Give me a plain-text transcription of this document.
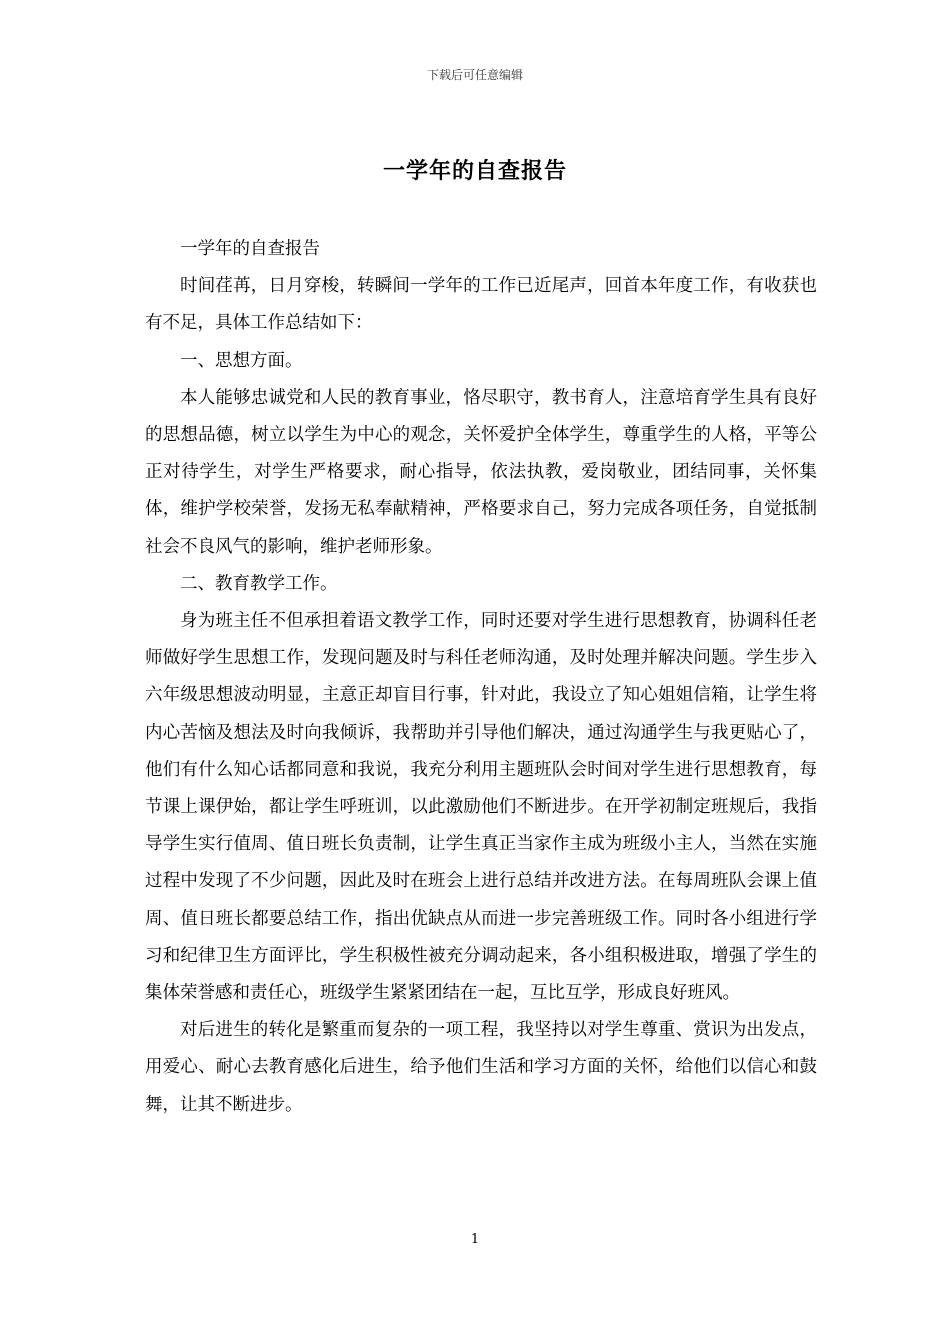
下载后可任意编辑
一学年的自查报告

一学年的自查报告

时间荏苒，日月穿梭，转瞬间一学年的工作已近尾声，回首本年度工作，有收获也有不足，具体工作总结如下：

一、思想方面。

本人能够忠诚党和人民的教育事业，恪尽职守，教书育人，注意培育学生具有良好的思想品德，树立以学生为中心的观念，关怀爱护全体学生，尊重学生的人格，平等公正对待学生，对学生严格要求，耐心指导，依法执教，爱岗敬业，团结同事，关怀集体，维护学校荣誉，发扬无私奉献精神，严格要求自己，努力完成各项任务，自觉抵制社会不良风气的影响，维护老师形象。

二、教育教学工作。

身为班主任不但承担着语文教学工作，同时还要对学生进行思想教育，协调科任老师做好学生思想工作，发现问题及时与科任老师沟通，及时处理并解决问题。学生步入六年级思想波动明显，主意正却盲目行事，针对此，我设立了知心姐姐信箱，让学生将内心苦恼及想法及时向我倾诉，我帮助并引导他们解决，通过沟通学生与我更贴心了，他们有什么知心话都同意和我说，我充分利用主题班队会时间对学生进行思想教育，每节课上课伊始，都让学生呼班训，以此激励他们不断进步。在开学初制定班规后，我指导学生实行值周、值日班长负责制，让学生真正当家作主成为班级小主人，当然在实施过程中发现了不少问题，因此及时在班会上进行总结并改进方法。在每周班队会课上值周、值日班长都要总结工作，指出优缺点从而进一步完善班级工作。同时各小组进行学习和纪律卫生方面评比，学生积极性被充分调动起来，各小组积极进取，增强了学生的集体荣誉感和责任心，班级学生紧紧团结在一起，互比互学，形成良好班风。

对后进生的转化是繁重而复杂的一项工程，我坚持以对学生尊重、赏识为出发点，用爱心、耐心去教育感化后进生，给予他们生活和学习方面的关怀，给他们以信心和鼓舞，让其不断进步。

1
